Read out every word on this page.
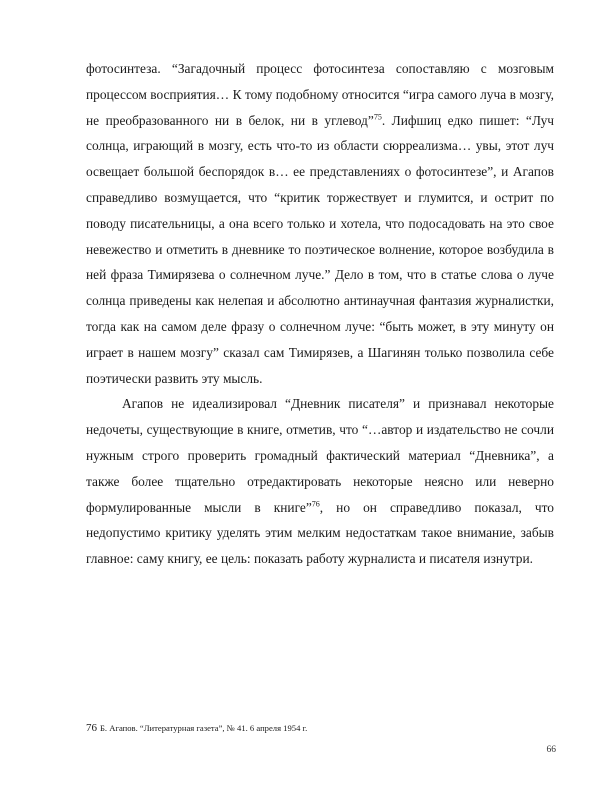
фотосинтеза. “Загадочный процесс фотосинтеза сопоставляю с мозговым процессом восприятия… К тому подобному относится “игра самого луча в мозгу, не преобразованного ни в белок, ни в углевод”$^{75}$. Лифшиц едко пишет: “Луч солнца, играющий в мозгу, есть что-то из области сюрреализма… увы, этот луч освещает большой беспорядок в… ее представлениях о фотосинтезе”, и Агапов справедливо возмущается, что “критик торжествует и глумится, и острит по поводу писательницы, а она всего только и хотела, что подосадовать на это свое невежество и отметить в дневнике то поэтическое волнение, которое возбудила в ней фраза Тимирязева о солнечном луче.” Дело в том, что в статье слова о луче солнца приведены как нелепая и абсолютно антинаучная фантазия журналистки, тогда как на самом деле фразу о солнечном луче: “быть может, в эту минуту он играет в нашем мозгу” сказал сам Тимирязев, а Шагинян только позволила себе поэтически развить эту мысль.

Агапов не идеализировал “Дневник писателя” и признавал некоторые недочеты, существующие в книге, отметив, что “…автор и издательство не сочли нужным строго проверить громадный фактический материал “Дневника”, а также более тщательно отредактировать некоторые неясно или неверно формулированные мысли в книге”$^{76}$, но он справедливо показал, что недопустимо критику уделять этим мелким недостаткам такое внимание, забыв главное: саму книгу, ее цель: показать работу журналиста и писателя изнутри.

76 Б. Агапов. “Литературная газета”, № 41. 6 апреля 1954 г.

66
